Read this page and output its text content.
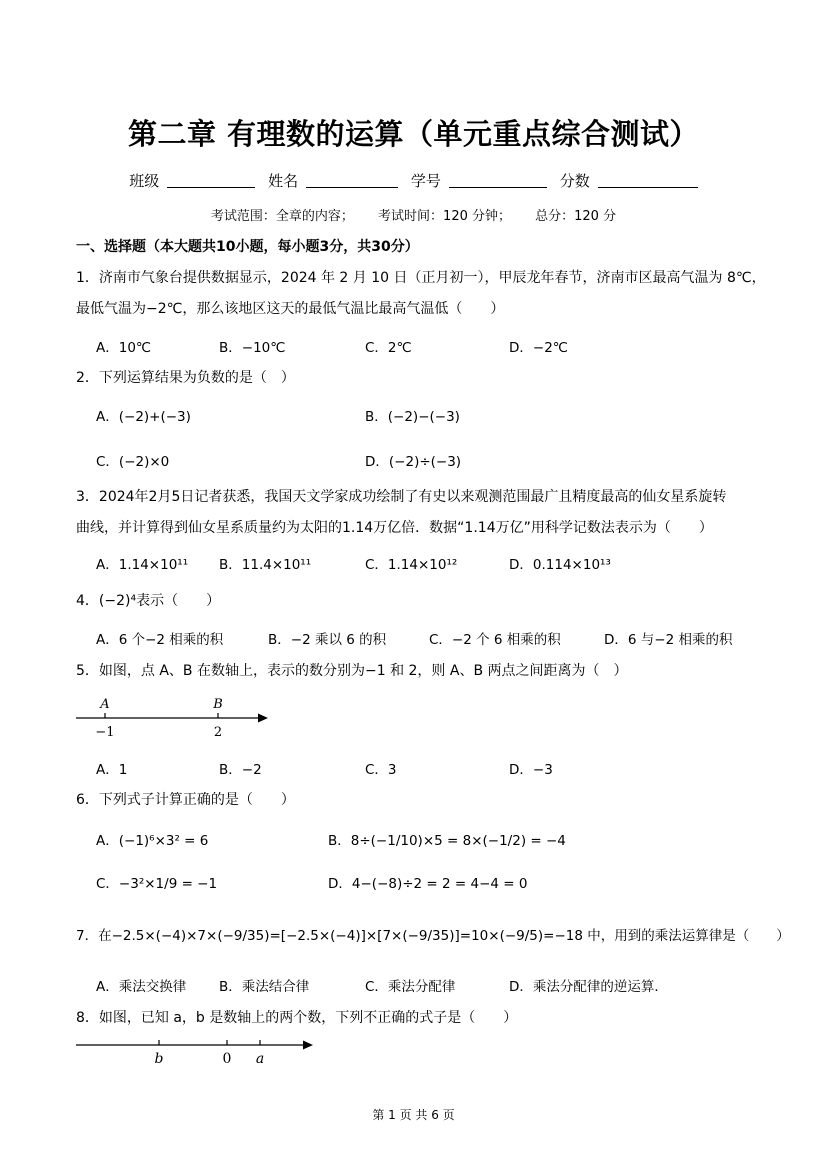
第二章 有理数的运算（单元重点综合测试）
班级	姓名	学号	分数
考试范围：全章的内容； 考试时间：120 分钟； 总分：120 分
一、选择题（本大题共10小题，每小题3分，共30分）
1．济南市气象台提供数据显示，2024 年 2 月 10 日（正月初一），甲辰龙年春节，济南市区最高气温为 8℃，
最低气温为−2℃，那么该地区这天的最低气温比最高气温低（　　）
A．10℃	B．−10℃	C．2℃	D．−2℃
2．下列运算结果为负数的是（　）
A．(−2)+(−3)	B．(−2)−(−3)
C．(−2)×0	D．(−2)÷(−3)
3．2024年2月5日记者获悉，我国天文学家成功绘制了有史以来观测范围最广且精度最高的仙女星系旋转
曲线，并计算得到仙女星系质量约为太阳的1.14万亿倍．数据“1.14万亿”用科学记数法表示为（　　）
A．1.14×10¹¹ B．11.4×10¹¹	C．1.14×10¹²	D．0.114×10¹³
4．(−2)⁴表示（　　）
A．6 个−2 相乘的积	B．−2 乘以 6 的积	C．−2 个 6 相乘的积	D．6 与−2 相乘的积
5．如图，点 A、B 在数轴上，表示的数分别为−1 和 2，则 A、B 两点之间距离为（　）
A	B
−1	2
A．1	B．−2	C．3	D．−3
6．下列式子计算正确的是（　　）
A．(−1)⁶×3² = 6	B．8÷(−1/10)×5 = 8×(−1/2) = −4
C．−3²×1/9 = −1	D．4−(−8)÷2 = 2 = 4−4 = 0
7．在−2.5×(−4)×7×(−9/35)=[−2.5×(−4)]×[7×(−9/35)]=10×(−9/5)=−18 中，用到的乘法运算律是（　　）
A．乘法交换律 B．乘法结合律	C．乘法分配律	D．乘法分配律的逆运算．
8．如图，已知 a，b 是数轴上的两个数，下列不正确的式子是（　　）
b	0 a
第 1 页 共 6 页
